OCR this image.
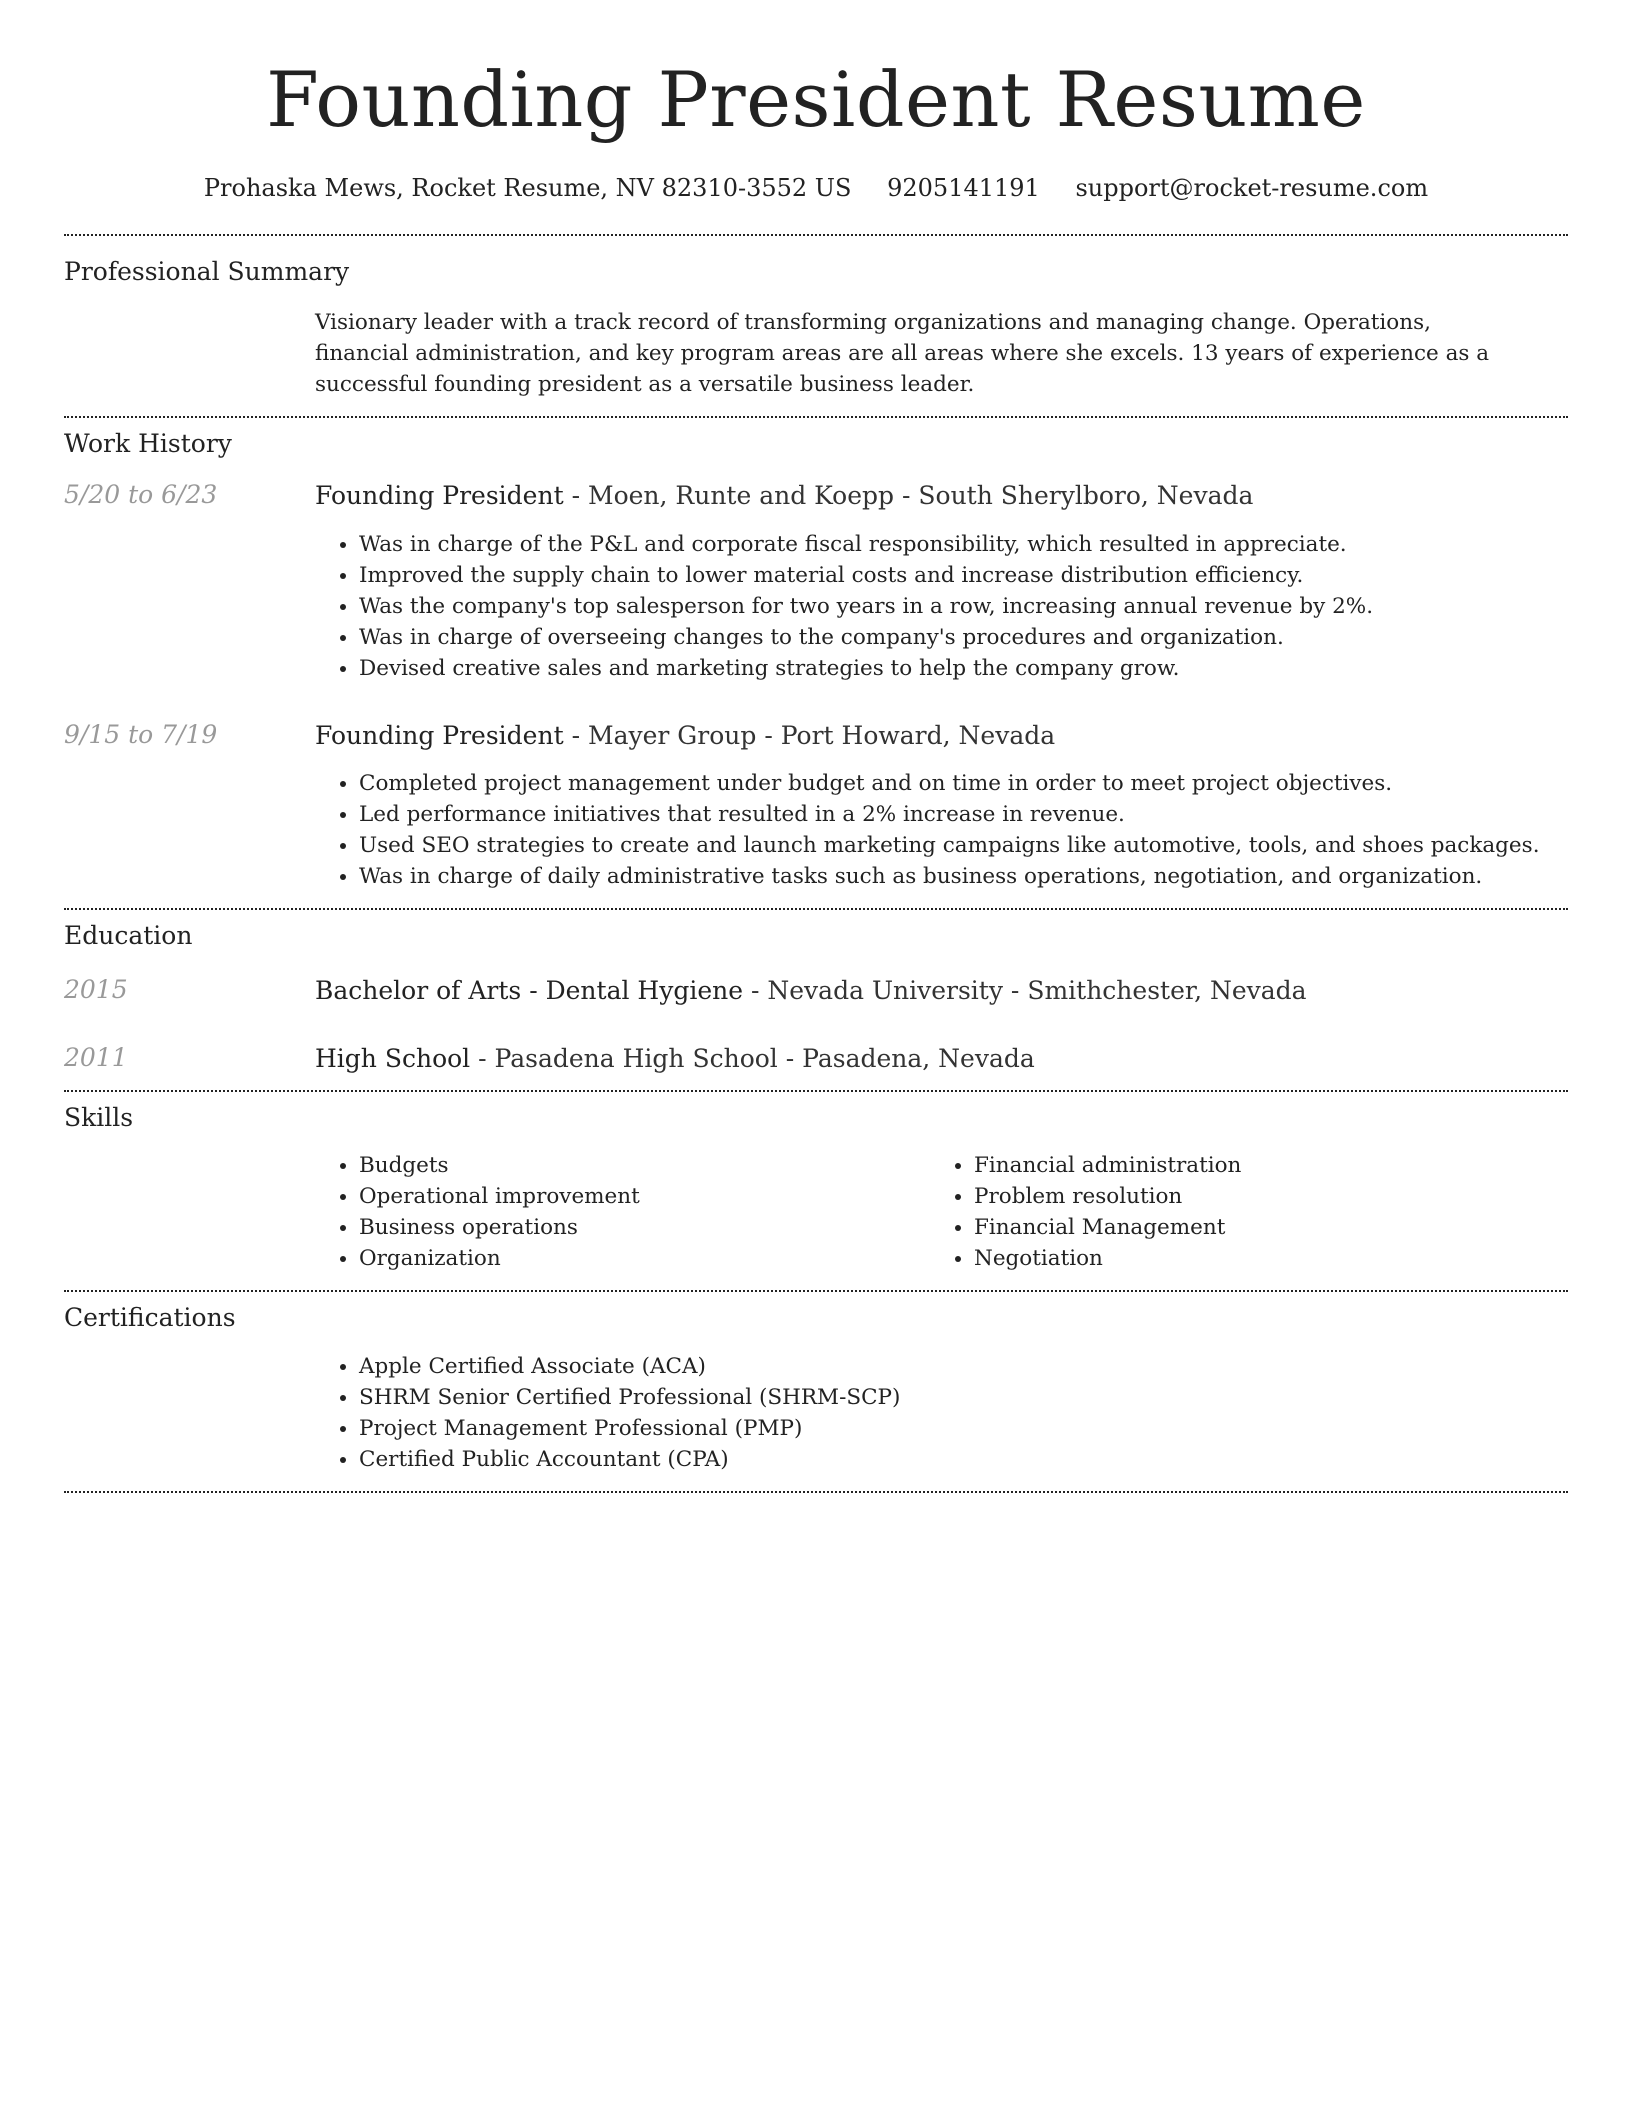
Founding President Resume
Prohaska Mews, Rocket Resume, NV 82310-3552 US 9205141191 support@rocket-resume.com
Professional Summary

Visionary leader with a track record of transforming organizations and managing change. Operations, financial administration, and key program areas are all areas where she excels. 13 years of experience as a successful founding president as a versatile business leader.

Work History
5/20 to 6/23	Founding President - Moen, Runte and Koepp - South Sherylboro, Nevada
• Was in charge of the P&L and corporate fiscal responsibility, which resulted in appreciate.
• Improved the supply chain to lower material costs and increase distribution efficiency.
• Was the company's top salesperson for two years in a row, increasing annual revenue by 2%.
• Was in charge of overseeing changes to the company's procedures and organization.
• Devised creative sales and marketing strategies to help the company grow.
9/15 to 7/19	Founding President - Mayer Group - Port Howard, Nevada
• Completed project management under budget and on time in order to meet project objectives.
• Led performance initiatives that resulted in a 2% increase in revenue.
• Used SEO strategies to create and launch marketing campaigns like automotive, tools, and shoes packages.
• Was in charge of daily administrative tasks such as business operations, negotiation, and organization.
Education
2015	Bachelor of Arts - Dental Hygiene - Nevada University - Smithchester, Nevada
2011	High School - Pasadena High School - Pasadena, Nevada
Skills
• Budgets
• Operational improvement
• Business operations
• Organization
• Financial administration
• Problem resolution
• Financial Management
• Negotiation
Certifications
• Apple Certified Associate (ACA)
• SHRM Senior Certified Professional (SHRM-SCP)
• Project Management Professional (PMP)
• Certified Public Accountant (CPA)
